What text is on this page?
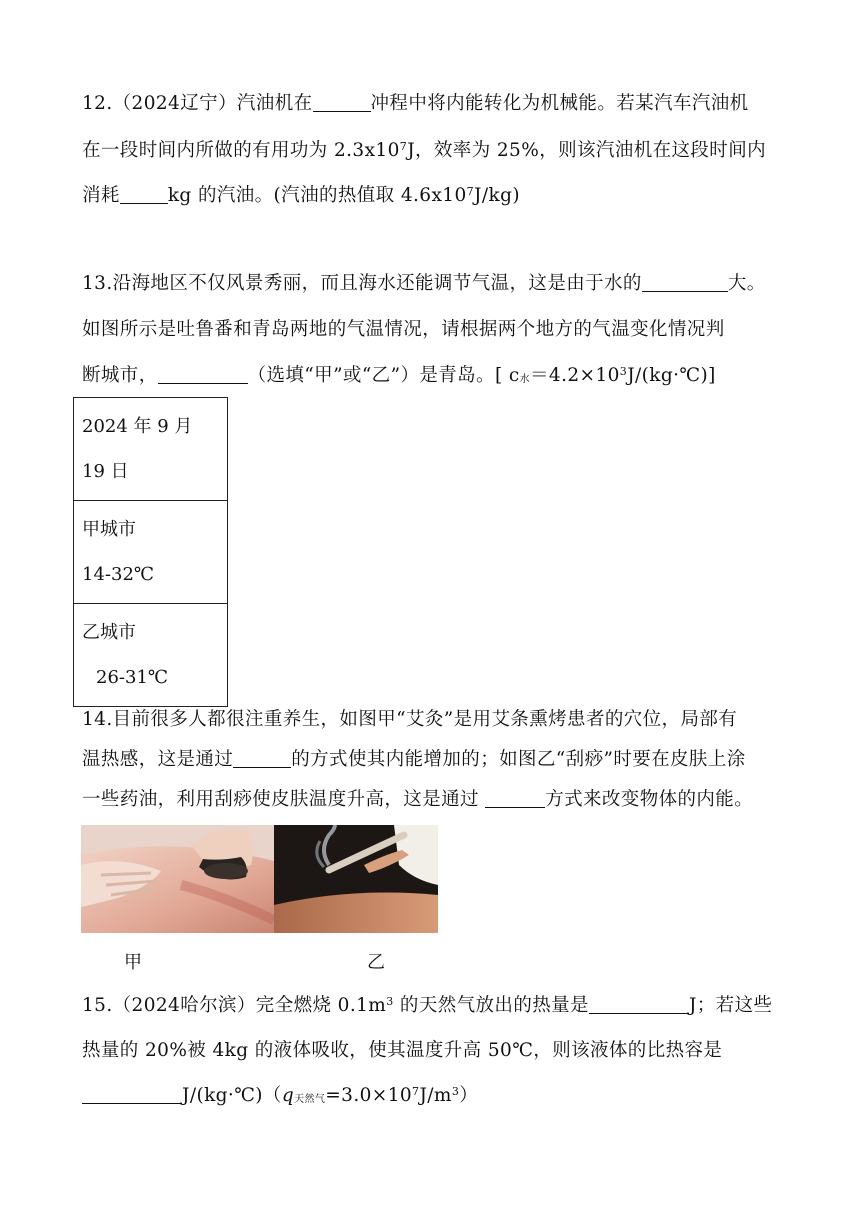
12.（2024辽宁）汽油机在	冲程中将内能转化为机械能。若某汽车汽油机
在一段时间内所做的有用功为 $2.3x10^7J$，效率为 25%，则该汽油机在这段时间内
消耗	kg 的汽油。(汽油的热值取 $4.6x10^7J/kg$)
13.沿海地区不仅风景秀丽，而且海水还能调节气温，这是由于水的	大。
如图所示是吐鲁番和青岛两地的气温情况，请根据两个地方的气温变化情况判
断城市，	（选填“甲”或“乙”）是青岛。[ $c_水=4.2\times 10^3J/(kg\cdot℃)$]
2024 年 9 月 19 日
甲城市
14-32℃
乙城市
26-31℃
14.目前很多人都很注重养生，如图甲“艾灸”是用艾条熏烤患者的穴位，局部有
温热感，这是通过	的方式使其内能增加的；如图乙“刮痧”时要在皮肤上涂
一些药油，利用刮痧使皮肤温度升高，这是通过	方式来改变物体的内能。
甲	乙
15.（2024哈尔滨）完全燃烧 $0.1m^3$ 的天然气放出的热量是	J；若这些
热量的 20%被 4kg 的液体吸收，使其温度升高 50℃，则该液体的比热容是
$J/(kg\cdot℃)(q_{天然气}=3.0\times 10^7J/m^3)$
